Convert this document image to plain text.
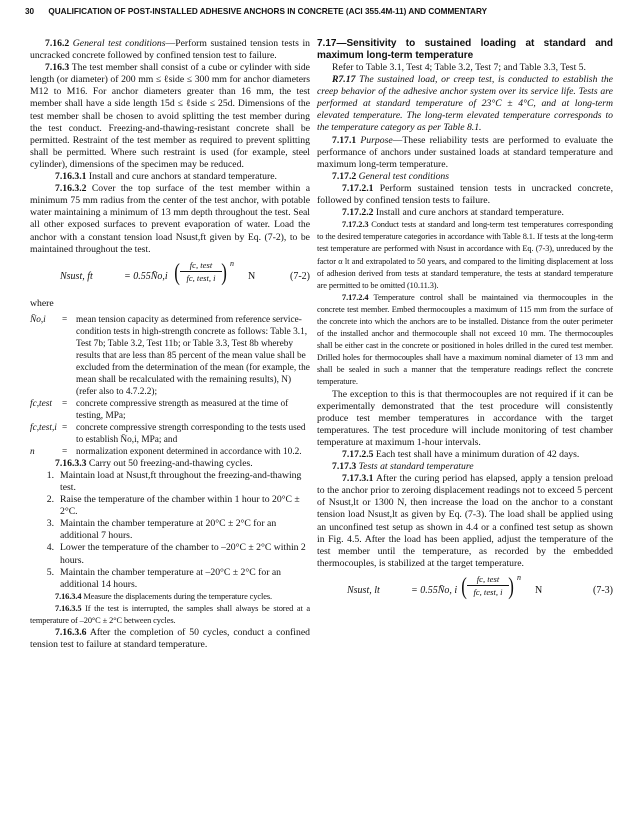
30 QUALIFICATION OF POST-INSTALLED ADHESIVE ANCHORS IN CONCRETE (ACI 355.4M-11) AND COMMENTARY

7.16.2 General test conditions—Perform sustained tension tests in uncracked concrete followed by confined tension test to failure.

7.16.3 The test member shall consist of a cube or cylinder with side length (or diameter) of 200 mm ≤ ℓside ≤ 300 mm for anchor diameters M12 to M16. For anchor diameters greater than 16 mm, the test member shall have a side length 15d ≤ ℓside ≤ 25d. Dimensions of the test member shall be chosen to avoid splitting the test member during the test conduct. Freezing-and-thawing-resistant concrete shall be permitted. Restraint of the test member as required to prevent splitting shall be permitted. Where such restraint is used (for example, steel cylinder), dimensions of the specimen may be reduced.

7.16.3.1 Install and cure anchors at standard temperature.

7.16.3.2 Cover the top surface of the test member within a minimum 75 mm radius from the center of the test anchor, with potable water maintaining a minimum of 13 mm depth throughout the test. Seal all other exposed surfaces to prevent evaporation of water. Load the anchor with a constant tension load Nsust,ft given by Eq. (7-2), to be maintained throughout the test.

Nsust, ft	= 0.55N̄o,i (	fc, test
fc, test, i ) n
N	(7-2)

where

N̄o,i	= mean tension capacity as determined from reference service-condition tests in high-strength concrete as follows: Table 3.1, Test 7b; Table 3.2, Test 11b; or Table 3.3, Test 8b whereby results that are less than 85 percent of the mean value shall be excluded from the determination of the mean (for example, the mean shall be recalculated with the remaining results), N) (refer also to 4.7.2.2);
fc,test	= concrete compressive strength as measured at the time of testing, MPa;
fc,test,i = concrete compressive strength corresponding to the tests used to establish N̄o,i, MPa; and
n	= normalization exponent determined in accordance with 10.2.

7.16.3.3 Carry out 50 freezing-and-thawing cycles.

1. Maintain load at Nsust,ft throughout the freezing-and-thawing test.
2. Raise the temperature of the chamber within 1 hour to 20°C ± 2°C.
3. Maintain the chamber temperature at 20°C ± 2°C for an additional 7 hours.
4. Lower the temperature of the chamber to –20°C ± 2°C within 2 hours.
5. Maintain the chamber temperature at –20°C ± 2°C for an additional 14 hours.

7.16.3.4 Measure the displacements during the temperature cycles.

7.16.3.5 If the test is interrupted, the samples shall always be stored at a temperature of –20°C ± 2°C between cycles.

7.16.3.6 After the completion of 50 cycles, conduct a confined tension test to failure at standard temperature.

7.17—Sensitivity to sustained loading at standard and maximum long-term temperature

Refer to Table 3.1, Test 4; Table 3.2, Test 7; and Table 3.3, Test 5.

R7.17 The sustained load, or creep test, is conducted to establish the creep behavior of the adhesive anchor system over its service life. Tests are performed at standard temperature of 23°C ± 4°C, and at long-term elevated temperature. The long-term elevated temperature corresponds to the temperature category as per Table 8.1.

7.17.1 Purpose—These reliability tests are performed to evaluate the performance of anchors under sustained loads at standard temperature and maximum long-term temperature.

7.17.2 General test conditions

7.17.2.1 Perform sustained tension tests in uncracked concrete, followed by confined tension tests to failure.

7.17.2.2 Install and cure anchors at standard temperature.

7.17.2.3 Conduct tests at standard and long-term test temperatures corresponding to the desired temperature categories in accordance with Table 8.1. If tests at the long-term test temperature are performed with Nsust in accordance with Eq. (7-3), unreduced by the factor α lt and extrapolated to 50 years, and compared to the limiting displacement at loss of adhesion derived from tests at standard temperature, the tests at standard temperature are permitted to be omitted (10.11.3).

7.17.2.4 Temperature control shall be maintained via thermocouples in the concrete test member. Embed thermocouples a maximum of 115 mm from the surface of the concrete into which the anchors are to be installed. Distance from the outer perimeter of the installed anchor and thermocouple shall not exceed 10 mm. The thermocouples shall be either cast in the concrete or positioned in holes drilled in the cured test member. Drilled holes for thermocouples shall have a maximum nominal diameter of 13 mm and shall be sealed in such a manner that the temperature readings reflect the concrete temperature.

The exception to this is that thermocouples are not required if it can be experimentally demonstrated that the test procedure will consistently produce test member temperatures in accordance with the target temperatures. The test procedure will include monitoring of test chamber temperature at maximum 1-hour intervals.

7.17.2.5 Each test shall have a minimum duration of 42 days.

7.17.3 Tests at standard temperature

7.17.3.1 After the curing period has elapsed, apply a tension preload to the anchor prior to zeroing displacement readings not to exceed 5 percent of Nsust,lt or 1300 N, then increase the load on the anchor to a constant tension load Nsust,lt as given by Eq. (7-3). The load shall be applied using an unconfined test setup as shown in 4.4 or a confined test setup as shown in Fig. 4.5. After the load has been applied, adjust the temperature of the test member until the temperature, as recorded by the embedded thermocouples, is stabilized at the target temperature.

Nsust, lt	= 0.55N̄o, i (	fc, test
fc, test, i ) n
N	(7-3)
